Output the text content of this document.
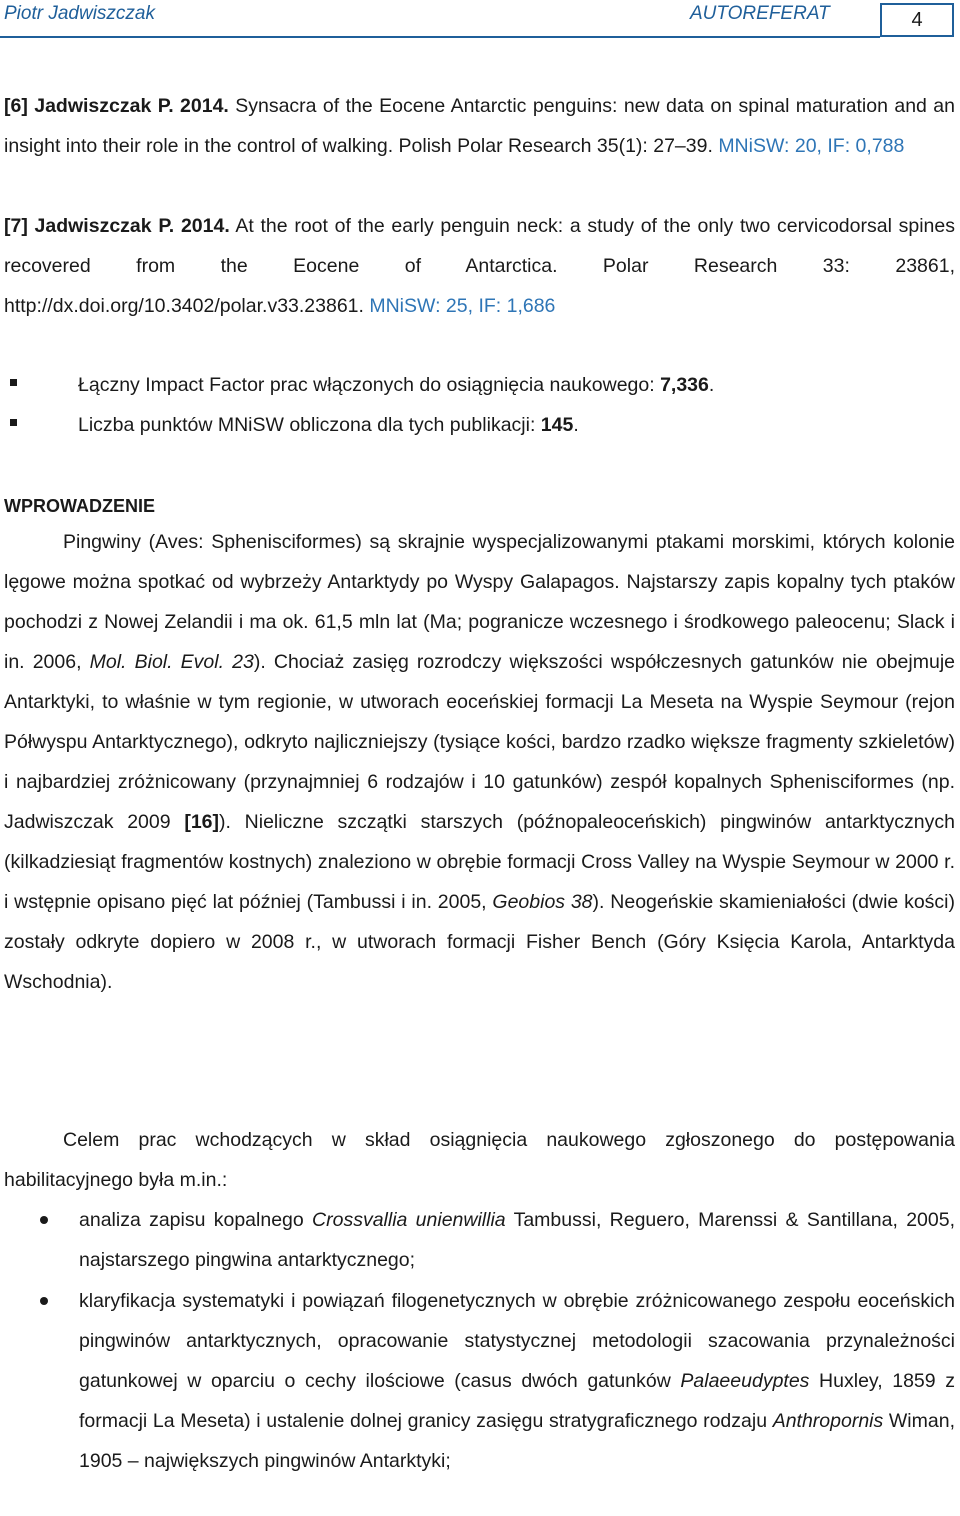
Piotr Jadwiszczak	AUTOREFERAT	4

[6] Jadwiszczak P. 2014. Synsacra of the Eocene Antarctic penguins: new data on spinal maturation and an insight into their role in the control of walking. Polish Polar Research 35(1): 27–39. MNiSW: 20, IF: 0,788

[7] Jadwiszczak P. 2014. At the root of the early penguin neck: a study of the only two cervicodorsal spines recovered from the Eocene of Antarctica. Polar Research 33: 23861, http://dx.doi.org/10.3402/polar.v33.23861. MNiSW: 25, IF: 1,686

Łączny Impact Factor prac włączonych do osiągnięcia naukowego: 7,336.
Liczba punktów MNiSW obliczona dla tych publikacji: 145.
WPROWADZENIE

Pingwiny (Aves: Sphenisciformes) są skrajnie wyspecjalizowanymi ptakami morskimi, których kolonie lęgowe można spotkać od wybrzeży Antarktydy po Wyspy Galapagos. Najstarszy zapis kopalny tych ptaków pochodzi z Nowej Zelandii i ma ok. 61,5 mln lat (Ma; pogranicze wczesnego i środkowego paleocenu; Slack i in. 2006, Mol. Biol. Evol. 23). Chociaż zasięg rozrodczy większości współczesnych gatunków nie obejmuje Antarktyki, to właśnie w tym regionie, w utworach eoceńskiej formacji La Meseta na Wyspie Seymour (rejon Półwyspu Antarktycznego), odkryto najliczniejszy (tysiące kości, bardzo rzadko większe fragmenty szkieletów) i najbardziej zróżnicowany (przynajmniej 6 rodzajów i 10 gatunków) zespół kopalnych Sphenisciformes (np. Jadwiszczak 2009 [16]). Nieliczne szczątki starszych (późnopaleoceńskich) pingwinów antarktycznych (kilkadziesiąt fragmentów kostnych) znaleziono w obrębie formacji Cross Valley na Wyspie Seymour w 2000 r. i wstępnie opisano pięć lat później (Tambussi i in. 2005, Geobios 38). Neogeńskie skamieniałości (dwie kości) zostały odkryte dopiero w 2008 r., w utworach formacji Fisher Bench (Góry Księcia Karola, Antarktyda Wschodnia).

Celem prac wchodzących w skład osiągnięcia naukowego zgłoszonego do postępowania habilitacyjnego była m.in.:

analiza zapisu kopalnego Crossvallia unienwillia Tambussi, Reguero, Marenssi & Santillana, 2005, najstarszego pingwina antarktycznego;

klaryfikacja systematyki i powiązań filogenetycznych w obrębie zróżnicowanego zespołu eoceńskich pingwinów antarktycznych, opracowanie statystycznej metodologii szacowania przynależności gatunkowej w oparciu o cechy ilościowe (casus dwóch gatunków Palaeeudyptes Huxley, 1859 z formacji La Meseta) i ustalenie dolnej granicy zasięgu stratygraficznego rodzaju Anthropornis Wiman, 1905 – największych pingwinów Antarktyki;
